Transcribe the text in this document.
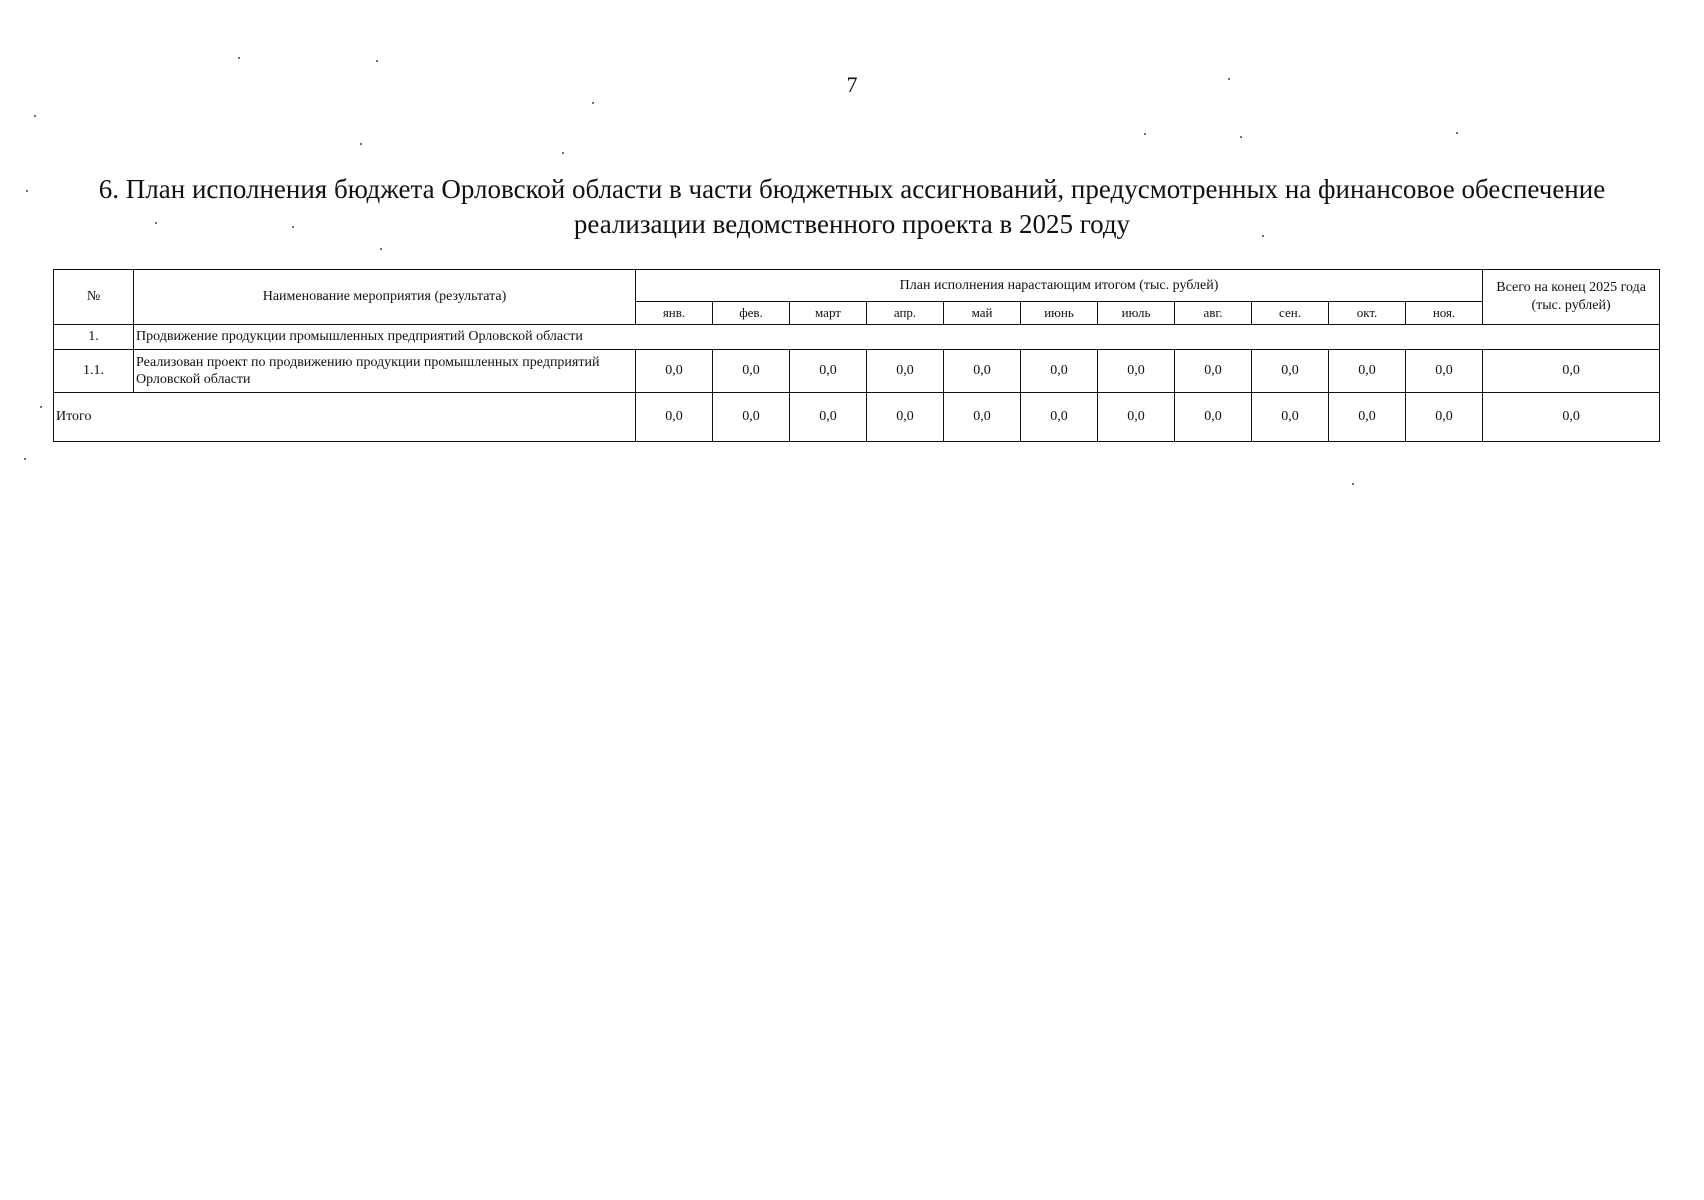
7
6. План исполнения бюджета Орловской области в части бюджетных ассигнований, предусмотренных на финансовое обеспечение
реализации ведомственного проекта в 2025 году
№	Наименование мероприятия (результата)	План исполнения нарастающим итогом (тыс. рублей)											Всего на конец 2025 года (тыс. рублей)
		янв.	фев.	март	апр.	май	июнь	июль	авг.	сен.	окт.	ноя.	
1.	Продвижение продукции промышленных предприятий Орловской области												
1.1.	Реализован проект по продвижению продукции промышленных предприятий Орловской области	0,0	0,0	0,0	0,0	0,0	0,0	0,0	0,0	0,0	0,0	0,0	0,0
Итого		0,0	0,0	0,0	0,0	0,0	0,0	0,0	0,0	0,0	0,0	0,0	0,0
